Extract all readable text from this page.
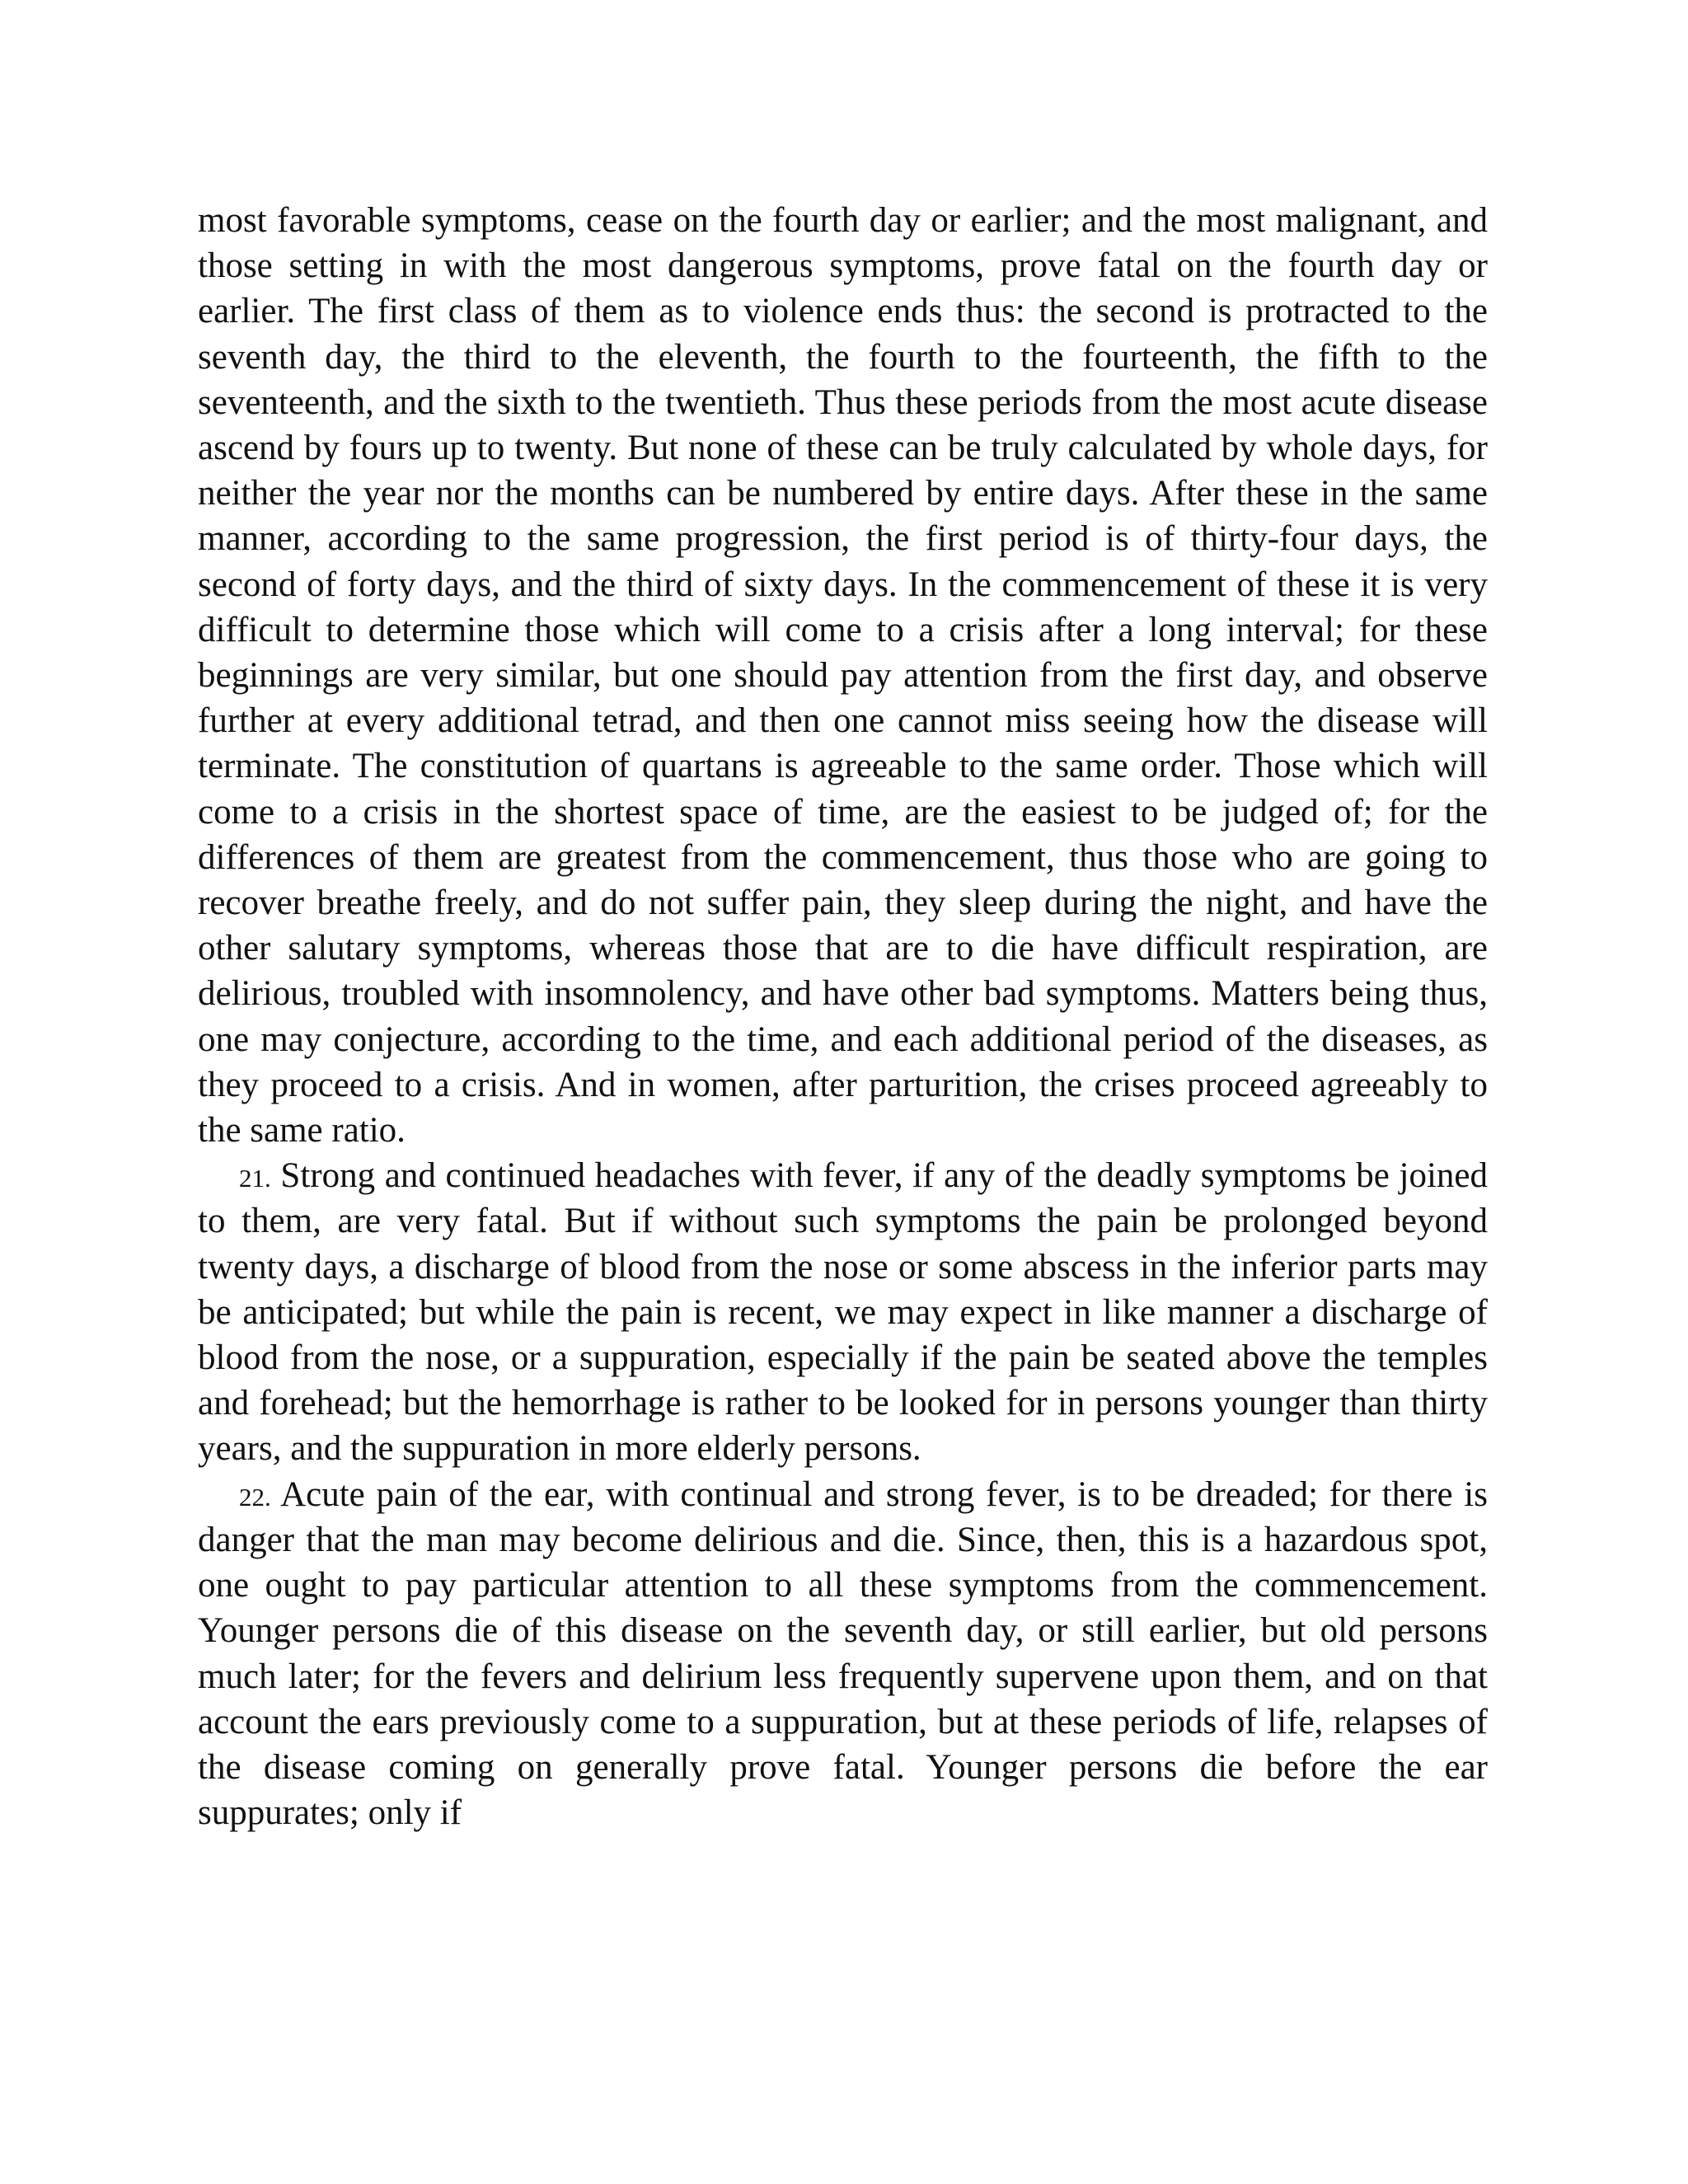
most favorable symptoms, cease on the fourth day or earlier; and the most malignant, and those setting in with the most dangerous symptoms, prove fatal on the fourth day or earlier. The first class of them as to violence ends thus: the second is protracted to the seventh day, the third to the eleventh, the fourth to the fourteenth, the fifth to the seventeenth, and the sixth to the twentieth. Thus these periods from the most acute disease ascend by fours up to twenty. But none of these can be truly calculated by whole days, for neither the year nor the months can be numbered by entire days. After these in the same manner, according to the same progression, the first period is of thirty-four days, the second of forty days, and the third of sixty days. In the commencement of these it is very difficult to determine those which will come to a crisis after a long interval; for these beginnings are very similar, but one should pay attention from the first day, and observe further at every additional tetrad, and then one cannot miss seeing how the disease will terminate. The constitution of quartans is agreeable to the same order. Those which will come to a crisis in the shortest space of time, are the easiest to be judged of; for the differences of them are greatest from the commencement, thus those who are going to recover breathe freely, and do not suffer pain, they sleep during the night, and have the other salutary symptoms, whereas those that are to die have difficult respiration, are delirious, troubled with insomnolency, and have other bad symptoms. Matters being thus, one may conjecture, according to the time, and each additional period of the diseases, as they proceed to a crisis. And in women, after parturition, the crises proceed agreeably to the same ratio.

21. Strong and continued headaches with fever, if any of the deadly symptoms be joined to them, are very fatal. But if without such symptoms the pain be prolonged beyond twenty days, a discharge of blood from the nose or some abscess in the inferior parts may be anticipated; but while the pain is recent, we may expect in like manner a discharge of blood from the nose, or a suppuration, especially if the pain be seated above the temples and forehead; but the hemorrhage is rather to be looked for in persons younger than thirty years, and the suppuration in more elderly persons.

22. Acute pain of the ear, with continual and strong fever, is to be dreaded; for there is danger that the man may become delirious and die. Since, then, this is a hazardous spot, one ought to pay particular attention to all these symptoms from the commencement. Younger persons die of this disease on the seventh day, or still earlier, but old persons much later; for the fevers and delirium less frequently supervene upon them, and on that account the ears previously come to a suppuration, but at these periods of life, relapses of the disease coming on generally prove fatal. Younger persons die before the ear suppurates; only if
